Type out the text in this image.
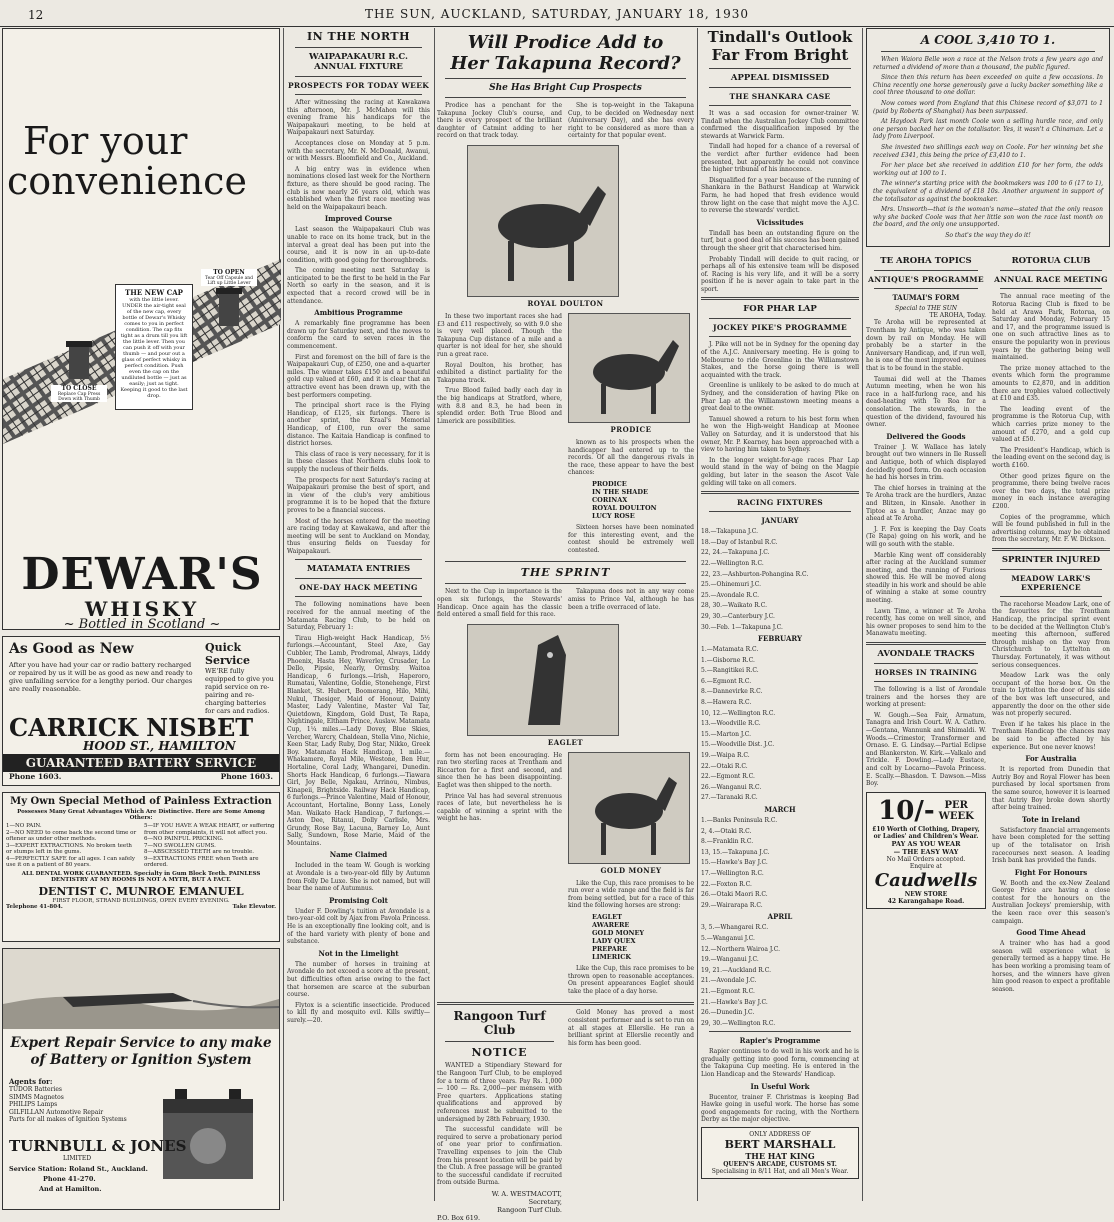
12	THE SUN, AUCKLAND, SATURDAY, JANUARY 18, 1930
For your
convenience
THE NEW CAP
with the little lever. UNDER the air-tight seal of the new cap, every bottle of Dewar's Whisky comes to you in perfect condition. The cap fits tight as a drum till you lift the little lever. Then you can push it off with your thumb — and pour out a glass of perfect whisky in perfect condition. Push even the cap on the undiluted bottle — just as easily; just as tight. Keeping it good to the last drop.
TO OPEN
Tear Off Capsule and Lift up Little Lever
TO CLOSE
Replace Cap Press Down with Thumb
DEWAR'S
WHISKY
~ Bottled in Scotland ~
As Good as New
After you have had your car or radio battery recharged or repaired by us it will be as good as new and ready to give unfailing service for a lengthy period. Our charges are really reasonable.
Quick Service
WE'RE fully equipped to give you rapid service on re-pairing and re-charging batteries for cars and radios.
CARRICK NISBET
HOOD ST., HAMILTON
GUARANTEED BATTERY SERVICE
Phone 1603.	Phone 1603.
My Own Special Method of Painless Extraction
Possesses Many Great Advantages Which Are Distinctive. Here are Some Among Others:
1—NO PAIN.
2—NO NEED to come back the second time or oftener as under other methods.
3—EXPERT EXTRACTIONS. No broken teeth or stumps left in the gums.
4—PERFECTLY SAFE for all ages. I can safely use it on a patient of 80 years.
5—IF YOU HAVE A WEAK HEART, or suffering from other complaints, it will not affect you.
6—NO PAINFUL PRICKING.
7—NO SWOLLEN GUMS.
8—ABSCESSED TEETH are no trouble.
9—EXTRACTIONS FREE when Teeth are ordered.
ALL DENTAL WORK GUARANTEED. Specialty in Gum Block Teeth. PAINLESS DENTISTRY AT MY ROOMS IS NOT A MYTH, BUT A FACT.
DENTIST C. MUNROE EMANUEL
FIRST FLOOR, STRAND BUILDINGS, OPEN EVERY EVENING.
Telephone 41-804.	Take Elevator.
Expert Repair Service to any make of Battery or Ignition System
Agents for:
TUDOR Batteries
SIMMS Magnetos
PHILIPS Lamps
GILFILLAN Automotive Repair
Parts for all makes of Ignition Systems
TURNBULL & JONES
LIMITED
Service Station: Roland St., Auckland.
Phone 41-270.
And at Hamilton.
IN THE NORTH
WAIPAPAKAURI R.C. ANNUAL FIXTURE
PROSPECTS FOR TODAY WEEK

After witnessing the racing at Kawakawa this afternoon, Mr. J. McMahon will this evening frame his handicaps for the Waipapakauri meeting, to be held at Waipapakauri next Saturday.

Acceptances close on Monday at 5 p.m. with the secretary, Mr. N. McDonald, Awanui, or with Messrs. Bloomfield and Co., Auckland.

A big entry was in evidence when nominations closed last week for the Northern fixture, as there should be good racing. The club is now nearly 26 years old, which was established when the first race meeting was held on the Waipapakauri beach.

Improved Course

Last season the Waipapakauri Club was unable to race on its home track, but in the interval a great deal has been put into the course, and it is now in an up-to-date condition, with good going for thoroughbreds.

The coming meeting next Saturday is anticipated to be the first to be held in the Far North so early in the season, and it is expected that a record crowd will be in attendance.

Ambitious Programme

A remarkably fine programme has been drawn up for Saturday next, and the moves to conform the card to seven races in the commencement.

First and foremost on the bill of fare is the Waipapakauri Cup, of £250, one and a-quarter miles. The winner takes £150 and a beautiful gold cup valued at £60, and it is clear that an attractive event has been drawn up, with the best performers competing.

The principal short race is the Flying Handicap, of £125, six furlongs. There is another sprint, the Kraal's Memorial Handicap, of £100, run over the same distance. The Kaitaia Handicap is confined to district horses.

This class of race is very necessary, for it is in these classes that Northern clubs look to supply the nucleus of their fields.

The prospects for next Saturday's racing at Waipapakauri promise the best of sport, and in view of the club's very ambitious programme it is to be hoped that the fixture proves to be a financial success.

Most of the horses entered for the meeting are racing today at Kawakawa, and after the meeting will be sent to Auckland on Monday, thus ensuring fields on Tuesday for Waipapakauri.

MATAMATA ENTRIES
ONE-DAY HACK MEETING

The following nominations have been received for the annual meeting of the Matamata Racing Club, to be held on Saturday, February 1:

Tirau High-weight Hack Handicap, 5½ furlongs.—Accountant, Steel Axe, Gay Cubbler, The Lamb, Prodromal, Always, Liddy Phoenix, Hasta Hey, Waverley, Crusader, Lo Dello, Pipsie, Nearly, Ormsby. Waitoa Handicap, 6 furlongs.—Irish, Haperoro, Rumatau, Valentine, Goldie, Stonehenge, First Blanket, St. Hubert, Boomerang, Hilo, Mihi, Nukul, Thesiger, Maid of Honour, Dainty Master, Lady Valentine, Master Val Tar, Quietdown, Kingdom, Gold Dust, Te Rapa, Nightingale, Eltham Prince, Auslaw. Matamata Cup, 1¼ miles.—Lady Dovey, Blue Skies, Vercher, Warcry, Chaldean, Stella Vino, Nichie, Keen Star, Lady Ruby, Dog Star, Nikko, Greek Boy. Matamata Hack Handicap, 1 mile.—Whakamere, Royal Mile, Westone, Ben Hur, Hortaline, Coral Lady, Whangarei, Dunedin. Shorts Hack Handicap, 6 furlongs.—Tiawara Girl, Joy Belle, Ngakau, Arrinou, Nimbus, Kinapeii, Brightside. Railway Hack Handicap, 6 furlongs.—Prince Valentine, Maid of Honour, Accountant, Hortaline, Bonny Lass, Lonely Man. Waikato Hack Handicap, 7 furlongs.—Aston Dee, Ritanui, Dolly Carlisle, Mrs. Grundy, Rose Bay, Lacuna, Barney Lo, Aunt Sally, Sundown, Rose Marie, Maid of the Mountains.

Name Claimed

Included in the team W. Gough is working at Avondale is a two-year-old filly by Autumn from Folly De Luxe. She is not named, but will bear the name of Autumnus.

Promising Colt

Under F. Dowling's tuition at Avondale is a two-year-old colt by Ajax from Pavola Princess. He is an exceptionally fine looking colt, and is of the hard variety with plenty of bone and substance.

Not in the Limelight

The number of horses in training at Avondale do not exceed a score at the present, but difficulties often arise owing to the fact that horsemen are scarce at the suburban course.

Flytox is a scientific insecticide. Produced to kill fly and mosquito evil. Kills swiftly—surely.—20.

Will Prodice Add to
Her Takapuna Record?
She Has Bright Cup Prospects

Prodice has a penchant for the Takapuna Jockey Club's course, and there is every prospect of the brilliant daughter of Catmint adding to her record on that track today.

She is top-weight in the Takapuna Cup, to be decided on Wednesday next (Anniversary Day), and she has every right to be considered as more than a certainty for that popular event.

ROYAL DOULTON

In these two important races she had £3 and £11 respectively, so with 9.0 she is very well placed. Though the Takapuna Cup distance of a mile and a quarter is not ideal for her, she should run a great race.

Royal Doulton, his brother, has exhibited a distinct partiality for the Takapuna track.

True Blood failed badly each day in the big handicaps at Stratford, where, with 8.8 and 8.3, he had been in splendid order. Both True Blood and Limerick are possibilities.

PRODICE

known as to his prospects when the handicapper had entered up to the records. Of all the dangerous rivals in the race, these appear to have the best chances:

PRODICE
IN THE SHADE
CORINAX
ROYAL DOULTON
LUCY ROSE

Sixteen horses have been nominated for this interesting event, and the contest should be extremely well contested.

THE SPRINT

Next to the Cup in importance is the open six furlongs, the Stewards' Handicap. Once again has the classic field entered a small field for this race.

Takapuna does not in any way come amiss to Prince Val, although he has been a trifle overraced of late.

EAGLET

form has not been encouraging. He ran two sterling races at Trentham and Riccarton for a first and second, and since then he has been disappointing. Eaglet was then shipped to the north.

Prince Val has had several strenuous races of late, but nevertheless he is capable of winning a sprint with the weight he has.

GOLD MONEY

Like the Cup, this race promises to be run over a wide range and the field is far from being settled, but for a race of this kind the following horses are strong:

EAGLET
AWARERE
GOLD MONEY
LADY QUEX
PREPARE
LIMERICK

Like the Cup, this race promises to be thrown open to reasonable acceptances. On present appearances Eaglet should take the place of a day horse.

Rangoon Turf Club
NOTICE

WANTED a Stipendiary Steward for the Rangoon Turf Club, to be employed for a term of three years. Pay Rs. 1,000 — 100 — Rs. 2,000—per mensem with Free quarters. Applications stating qualifications and approved by references must be submitted to the undersigned by 28th February, 1930.

The successful candidate will be required to serve a probationary period of one year prior to confirmation. Travelling expenses to join the Club from his present location will be paid by the Club. A free passage will be granted to the successful candidate if recruited from outside Burma.

W. A. WESTMACOTT,
Secretary,
Rangoon Turf Club.
P.O. Box 619.

Gold Money has proved a most consistent performer and is set to run on at all stages at Ellerslie. He ran a brilliant sprint at Ellerslie recently and his form has been good.

Tindall's Outlook
Far From Bright
APPEAL DISMISSED
THE SHANKARA CASE

It was a sad occasion for owner-trainer W. Tindall when the Australian Jockey Club committee confirmed the disqualification imposed by the stewards at Warwick Farm.

Tindall had hoped for a chance of a reversal of the verdict after further evidence had been presented, but apparently he could not convince the higher tribunal of his innocence.

Disqualified for a year because of the running of Shankara in the Bathurst Handicap at Warwick Farm, he had hoped that fresh evidence would throw light on the case that might move the A.J.C. to reverse the stewards' verdict.

Vicissitudes

Tindall has been an outstanding figure on the turf, but a good deal of his success has been gained through the sheer grit that characterised him.

Probably Tindall will decide to quit racing, or perhaps all of his extensive team will be disposed of. Racing is his very life, and it will be a sorry position if he is never again to take part in the sport.

FOR PHAR LAP
JOCKEY PIKE'S PROGRAMME

J. Pike will not be in Sydney for the opening day of the A.J.C. Anniversary meeting. He is going to Melbourne to ride Greenline in the Williamstown Stakes, and the horse going there is well acquainted with the track.

Greenline is unlikely to be asked to do much at Sydney, and the consideration of having Pike on Phar Lap at the Williamstown meeting means a great deal to the owner.

Tamuel showed a return to his best form when he won the High-weight Handicap at Moonee Valley on Saturday, and it is understood that his owner, Mr. P. Kearney, has been approached with a view to having him taken to Sydney.

In the longer weight-for-age races Phar Lap would stand in the way of being on the Magpie gelding, but later in the season the Ascot Vale gelding will take on all comers.

RACING FIXTURES
JANUARY
18.—Takapuna J.C.
18.—Day of Istanbul R.C.
22, 24.—Takapuna J.C.
22.—Wellington R.C.
22, 23.—Ashburton-Pohangina R.C.
25.—Ohinemuri J.C.
25.—Avondale R.C.
28, 30.—Waikato R.C.
29, 30.—Canterbury J.C.
30.—Feb. 1—Takapuna J.C.
FEBRUARY
1.—Matamata R.C.
1.—Gisborne R.C.
5.—Rangitikei R.C.
6.—Egmont R.C.
8.—Dannevirke R.C.
8.—Hawera R.C.
10, 12.—Wellington R.C.
13.—Woodville R.C.
15.—Marton J.C.
15.—Woodville Dist. J.C.
19.—Waipa R.C.
22.—Otaki R.C.
22.—Egmont R.C.
26.—Wanganui R.C.
27.—Taranaki R.C.
MARCH
1.—Banks Peninsula R.C.
2, 4.—Otaki R.C.
8.—Franklin R.C.
13, 15.—Takapuna J.C.
15.—Hawke's Bay J.C.
17.—Wellington R.C.
22.—Foxton R.C.
26.—Otaki Maori R.C.
29.—Wairarapa R.C.
APRIL
3, 5.—Whangarei R.C.
5.—Wanganui J.C.
12.—Northern Wairoa J.C.
19.—Wanganui J.C.
19, 21.—Auckland R.C.
21.—Avondale J.C.
21.—Egmont R.C.
21.—Hawke's Bay J.C.
26.—Dunedin J.C.
29, 30.—Wellington R.C.
Rapier's Programme

Rapier continues to do well in his work and he is gradually getting into good form, commencing at the Takapuna Cup meeting. He is entered in the Lion Handicap and the Stewards' Handicap.

In Useful Work

Bucentor, trainer F. Christmas is keeping Bad Hawke going in useful work. The horse has some good engagements for racing, with the Northern Derby as the major objective.

ONLY ADDRESS OF
BERT MARSHALL
THE HAT KING
QUEEN'S ARCADE, CUSTOMS ST.
Specialising in 8/11 Hat, and all Men's Wear.
A COOL 3,410 TO 1.

When Waiora Belle won a race at the Nelson trots a few years ago and returned a dividend of more than a thousand, the public figured.

Since then this return has been exceeded on quite a few occasions. In China recently one horse generously gave a lucky backer something like a cool three thousand to one dollar.

Now comes word from England that this Chinese record of $3,071 to 1 (paid by Roberts of Shanghai) has been surpassed.

At Haydock Park last month Coole won a selling hurdle race, and only one person backed her on the totalisator. Yes, it wasn't a Chinaman. Let a lady from Liverpool.

She invested two shillings each way on Coole. For her winning bet she received £341, this being the price of £3,410 to 1.

For her place bet she received in addition £10 for her form, the odds working out at 100 to 1.

The winner's starting price with the bookmakers was 100 to 6 (17 to 1), the equivalent of a dividend of £18 10s. Another argument in support of the totalisator as against the bookmaker.

Mrs. Unsworth—that is the woman's name—stated that the only reason why she backed Coole was that her little son won the race last month on the board, and the only one unsupported.

So that's the way they do it!

TE AROHA TOPICS
ANTIQUE'S PROGRAMME
TAUMAI'S FORM
Special to THE SUN
TE AROHA, Today.

Te Aroha will be represented at Trentham by Antique, who was taken down by rail on Monday. He will probably be a starter in the Anniversary Handicap, and, if run well, he is one of the most improved equines that is to be found in the stable.

Taumai did well at the Thames Autumn meeting, when he won his race in a half-furlong race, and his dead-heating with Te Roa for a consolation. The stewards, in the question of the dividend, favoured his owner.

Delivered the Goods

Trainer J. W. Wallace has lately brought out two winners in Ile Russell and Antique, both of which displayed decidedly good form. On each occasion he had his horses in trim.

The chief horses in training at the Te Aroha track are the hurdlers, Anzac and Blitzen, in Kinsale. Another in Tiptoe as a hurdler, Anzac may go ahead at Te Aroha.

J. F. Fox is keeping the Day Coats (Te Rapa) going on his work, and he will go south with the stable.

Marble King went off considerably after racing at the Auckland summer meeting, and the running of Furious showed this. He will be moved along steadily in his work and should be able of winning a stake at some country meeting.

Lawn Time, a winner at Te Aroha recently, has come on well since, and his owner proposes to send him to the Manawatu meeting.

AVONDALE TRACKS
HORSES IN TRAINING

The following is a list of Avondale trainers and the horses they are working at present:

W. Gough.—Sea Fair, Armatum, Tanagra and Irish Court. W. A. Cathro.—Gentana, Wannunk and Shimaldi. W. Woods.—Crimestor, Transformer and Ornaso. E. G. Lindsay.—Partial Eclipse and Blankerston. W. Kirk.—Valkalo and Trickle. F. Dowling.—Lady Eustace, and colt by Locarno—Pavola Princess. E. Scally.—Bhasdon. T. Dawson.—Miss Boy.

10/- PER
WEEK
£10 Worth of Clothing, Drapery, or Ladies' and Children's Wear.
PAY AS YOU WEAR
— THE EASY WAY
No Mail Orders accepted.
Enquire at
Caudwells
NEW STORE
42 Karangahape Road.
ROTORUA CLUB
ANNUAL RACE MEETING

The annual race meeting of the Rotorua Racing Club is fixed to be held at Arawa Park, Rotorua, on Saturday and Monday, February 15 and 17, and the programme issued is one on such attractive lines as to ensure the popularity won in previous years by the gathering being well maintained.

The prize money attached to the events which form the programme amounts to £2,870, and in addition there are trophies valued collectively at £10 and £35.

The leading event of the programme is the Rotorua Cup, with which carries prize money to the amount of £270, and a gold cup valued at £50.

The President's Handicap, which is the leading event on the second day, is worth £160.

Other good prizes figure on the programme, there being twelve races over the two days, the total prize money in each instance averaging £200.

Copies of the programme, which will be found published in full in the advertising columns, may be obtained from the secretary, Mr. F. W. Dickson.

SPRINTER INJURED
MEADOW LARK'S EXPERIENCE

The racehorse Meadow Lark, one of the favourites for the Trentham Handicap, the principal sprint event to be decided at the Wellington Club's meeting this afternoon, suffered through mishap on the way from Christchurch to Lyttelton on Thursday. Fortunately, it was without serious consequences.

Meadow Lark was the only occupant of the horse box. On the train to Lyttelton the door of his side of the box was left unsecured, and apparently the door on the other side was not properly secured.

Even if he takes his place in the Trentham Handicap the chances may be said to be affected by his experience. But one never knows!

For Australia

It is reported from Dunedin that Autriy Boy and Royal Flower has been purchased by local sportsmen from the same source, however it is learned that Autriy Boy broke down shortly after being trained.

Tote in Ireland

Satisfactory financial arrangements have been completed for the setting up of the totalisator on Irish racecourses next season. A leading Irish bank has provided the funds.

Fight For Honours

W. Booth and the ex-New Zealand George Price are having a close contest for the honours on the Australian Jockeys' premiership, with the keen race over this season's campaign.

Good Time Ahead

A trainer who has had a good season will experience what is generally termed as a happy time. He has been working a promising team of horses, and the winners have given him good reason to expect a profitable season.
